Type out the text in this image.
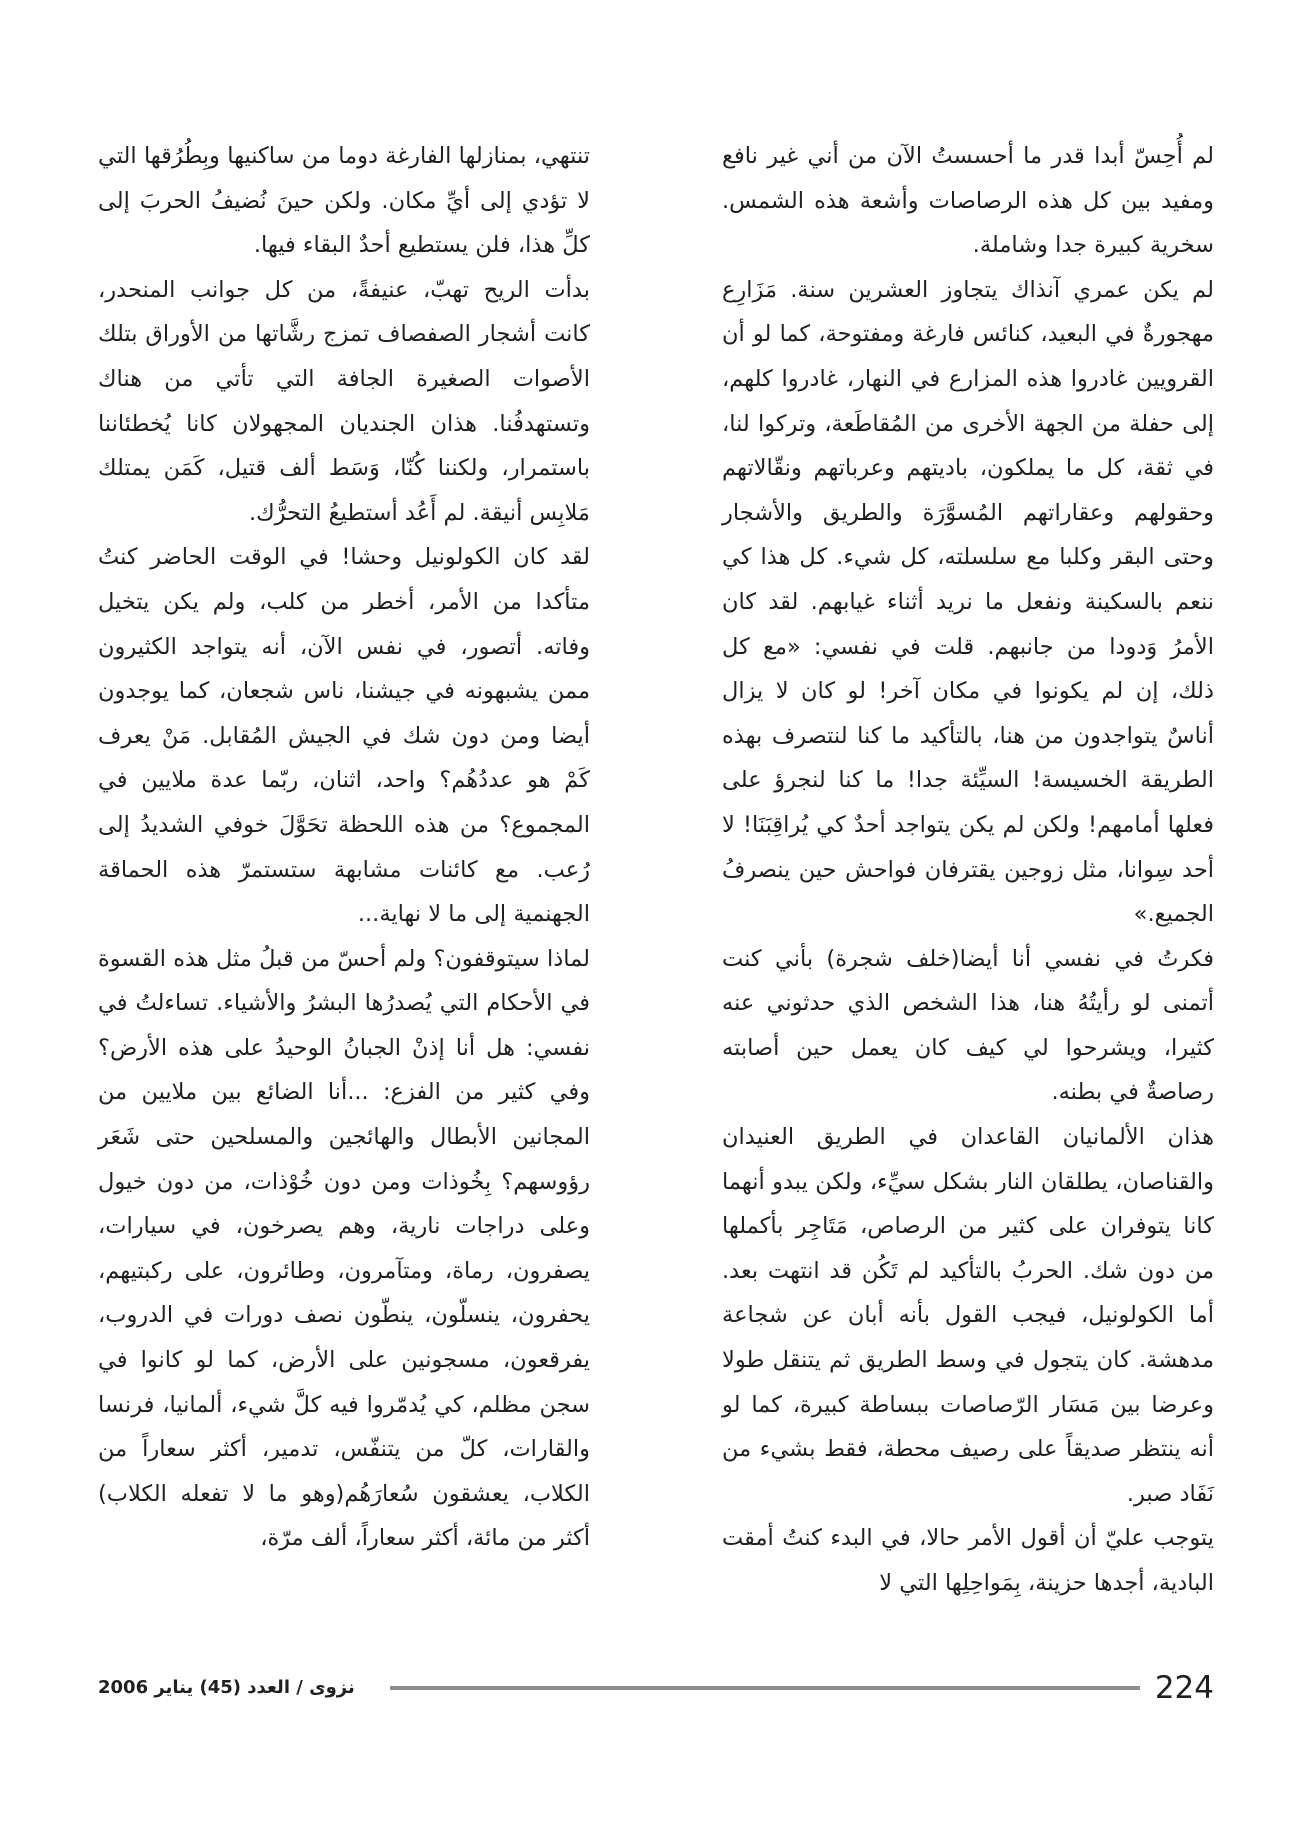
لم أُحِسّ أبدا قدر ما أحسستُ الآن من أني غير نافع ومفيد بين كل هذه الرصاصات وأشعة هذه الشمس. سخرية كبيرة جدا وشاملة.

لم يكن عمري آنذاك يتجاوز العشرين سنة. مَزَارِع مهجورةٌ في البعيد، كنائس فارغة ومفتوحة، كما لو أن القرويين غادروا هذه المزارع في النهار، غادروا كلهم، إلى حفلة من الجهة الأخرى من المُقاطَعة، وتركوا لنا، في ثقة، كل ما يملكون، باديتهم وعرباتهم ونقّالاتهم وحقولهم وعقاراتهم المُسوَّرَة والطريق والأشجار وحتى البقر وكلبا مع سلسلته، كل شيء. كل هذا كي ننعم بالسكينة ونفعل ما نريد أثناء غيابهم. لقد كان الأمرُ وَدودا من جانبهم. قلت في نفسي: «مع كل ذلك، إن لم يكونوا في مكان آخر! لو كان لا يزال أناسٌ يتواجدون من هنا، بالتأكيد ما كنا لنتصرف بهذه الطريقة الخسيسة! السيِّئة جدا! ما كنا لنجرؤ على فعلها أمامهم! ولكن لم يكن يتواجد أحدٌ كي يُراقِبَنَا! لا أحد سِوانا، مثل زوجين يقترفان فواحش حين ينصرفُ الجميع.»

فكرتُ في نفسي أنا أيضا(خلف شجرة) بأني كنت أتمنى لو رأيتُهُ هنا، هذا الشخص الذي حدثوني عنه كثيرا، ويشرحوا لي كيف كان يعمل حين أصابته رصاصةٌ في بطنه.

هذان الألمانيان القاعدان في الطريق العنيدان والقناصان، يطلقان النار بشكل سيِّء، ولكن يبدو أنهما كانا يتوفران على كثير من الرصاص، مَتَاجِر بأكملها من دون شك. الحربُ بالتأكيد لم تَكُن قد انتهت بعد. أما الكولونيل، فيجب القول بأنه أبان عن شجاعة مدهشة. كان يتجول في وسط الطريق ثم يتنقل طولا وعرضا بين مَسَار الرّصاصات ببساطة كبيرة، كما لو أنه ينتظر صديقاً على رصيف محطة، فقط بشيء من نَفَاد صبر.

يتوجب عليّ أن أقول الأمر حالا، في البدء كنتُ أمقت البادية، أجدها حزينة، بِمَواحِلِها التي لا

تنتهي، بمنازلها الفارغة دوما من ساكنيها وبِطُرُقها التي لا تؤدي إلى أيِّ مكان. ولكن حينَ نُضيفُ الحربَ إلى كلِّ هذا، فلن يستطيع أحدٌ البقاء فيها.

بدأت الريح تهبّ، عنيفةً، من كل جوانب المنحدر، كانت أشجار الصفصاف تمزج رشَّاتها من الأوراق بتلك الأصوات الصغيرة الجافة التي تأتي من هناك وتستهدفُنا. هذان الجنديان المجهولان كانا يُخطئاننا باستمرار، ولكننا كُنّا، وَسَط ألف قتيل، كَمَن يمتلك مَلابِس أنيقة. لم أَعُد أستطيعُ التحرُّك.

لقد كان الكولونيل وحشا! في الوقت الحاضر كنتُ متأكدا من الأمر، أخطر من كلب، ولم يكن يتخيل وفاته. أتصور، في نفس الآن، أنه يتواجد الكثيرون ممن يشبهونه في جيشنا، ناس شجعان، كما يوجدون أيضا ومن دون شك في الجيش المُقابل. مَنْ يعرف كَمْ هو عددُهُم؟ واحد، اثنان، ربّما عدة ملايين في المجموع؟ من هذه اللحظة تحَوَّلَ خوفي الشديدُ إلى رُعب. مع كائنات مشابهة ستستمرّ هذه الحماقة الجهنمية إلى ما لا نهاية...

لماذا سيتوقفون؟ ولم أحسّ من قبلُ مثل هذه القسوة في الأحكام التي يُصدرُها البشرُ والأشياء. تساءلتُ في نفسي: هل أنا إذنْ الجبانُ الوحيدُ على هذه الأرض؟ وفي كثير من الفزع: ...أنا الضائع بين ملايين من المجانين الأبطال والهائجين والمسلحين حتى شَعَر رؤوسهم؟ بِخُوذات ومن دون خُوْذات، من دون خيول وعلى دراجات نارية، وهم يصرخون، في سيارات، يصفرون، رماة، ومتآمرون، وطائرون، على ركبتيهم، يحفرون، ينسلّون، ينطّون نصف دورات في الدروب، يفرقعون، مسجونين على الأرض، كما لو كانوا في سجن مظلم، كي يُدمّروا فيه كلَّ شيء، ألمانيا، فرنسا والقارات، كلّ من يتنفّس، تدمير، أكثر سعاراً من الكلاب، يعشقون سُعارَهُم(وهو ما لا تفعله الكلاب) أكثر من مائة، أكثر سعاراً، ألف مرّة،

نزوى / العدد (45) يناير 2006	224
